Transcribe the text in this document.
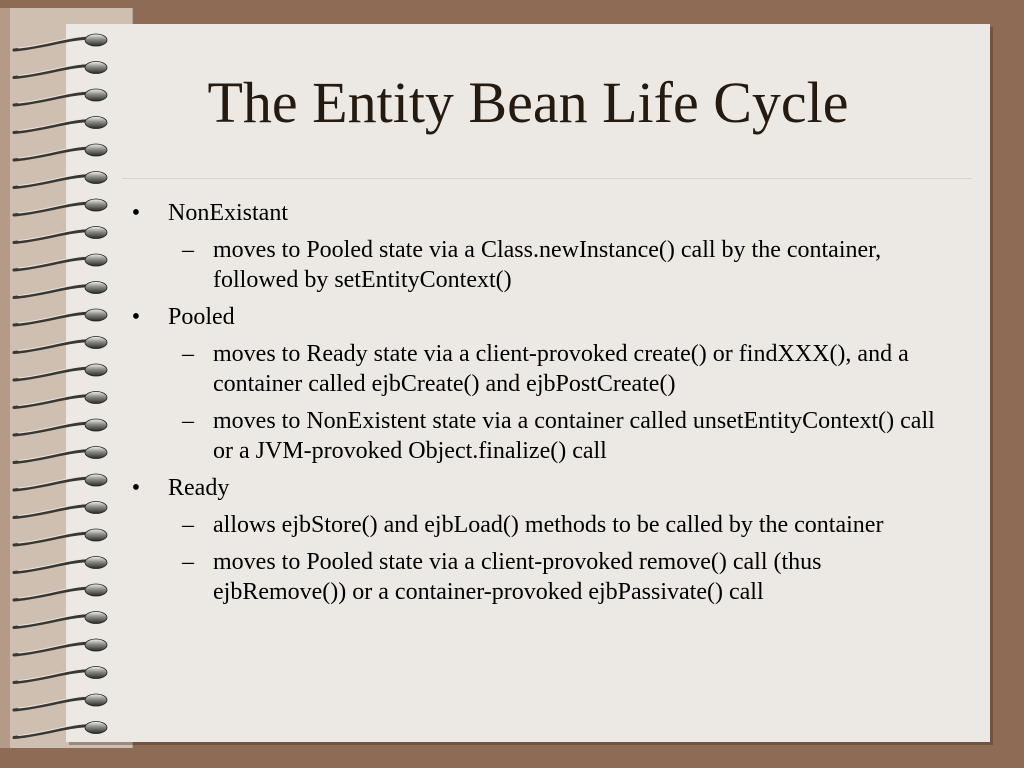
The Entity Bean Life Cycle
• NonExistant
– moves to Pooled state via a Class.newInstance() call by the container, followed by setEntityContext()
• Pooled
– moves to Ready state via a client-provoked create() or findXXX(), and a container called ejbCreate() and ejbPostCreate()
– moves to NonExistent state via a container called unsetEntityContext() call or a JVM-provoked Object.finalize() call
• Ready
– allows ejbStore() and ejbLoad() methods to be called by the container
– moves to Pooled state via a client-provoked remove() call (thus ejbRemove()) or a container-provoked ejbPassivate() call
